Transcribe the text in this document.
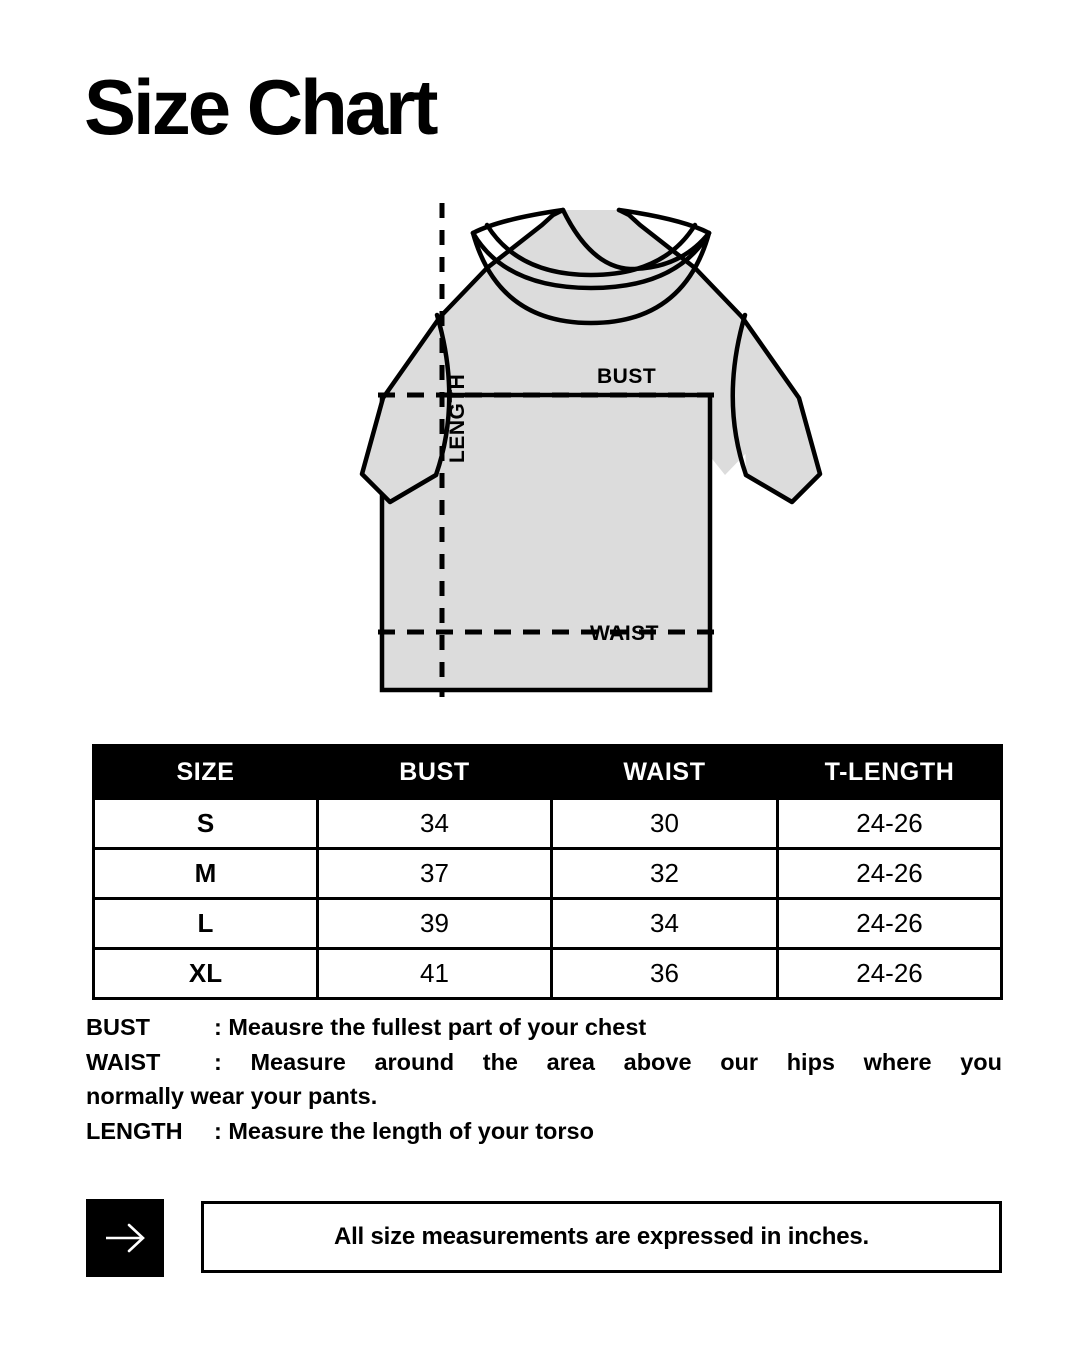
Size Chart
BUST
WAIST
LENGTH
SIZE	BUST	WAIST	T-LENGTH
S	34	30	24-26
M	37	32	24-26
L	39	34	24-26
XL	41	36	24-26
BUST	: Meausre the fullest part of your chest
WAIST : Measure around the area above our hips where you
normally wear your pants.
LENGTH : Measure the length of your torso
All size measurements are expressed in inches.
